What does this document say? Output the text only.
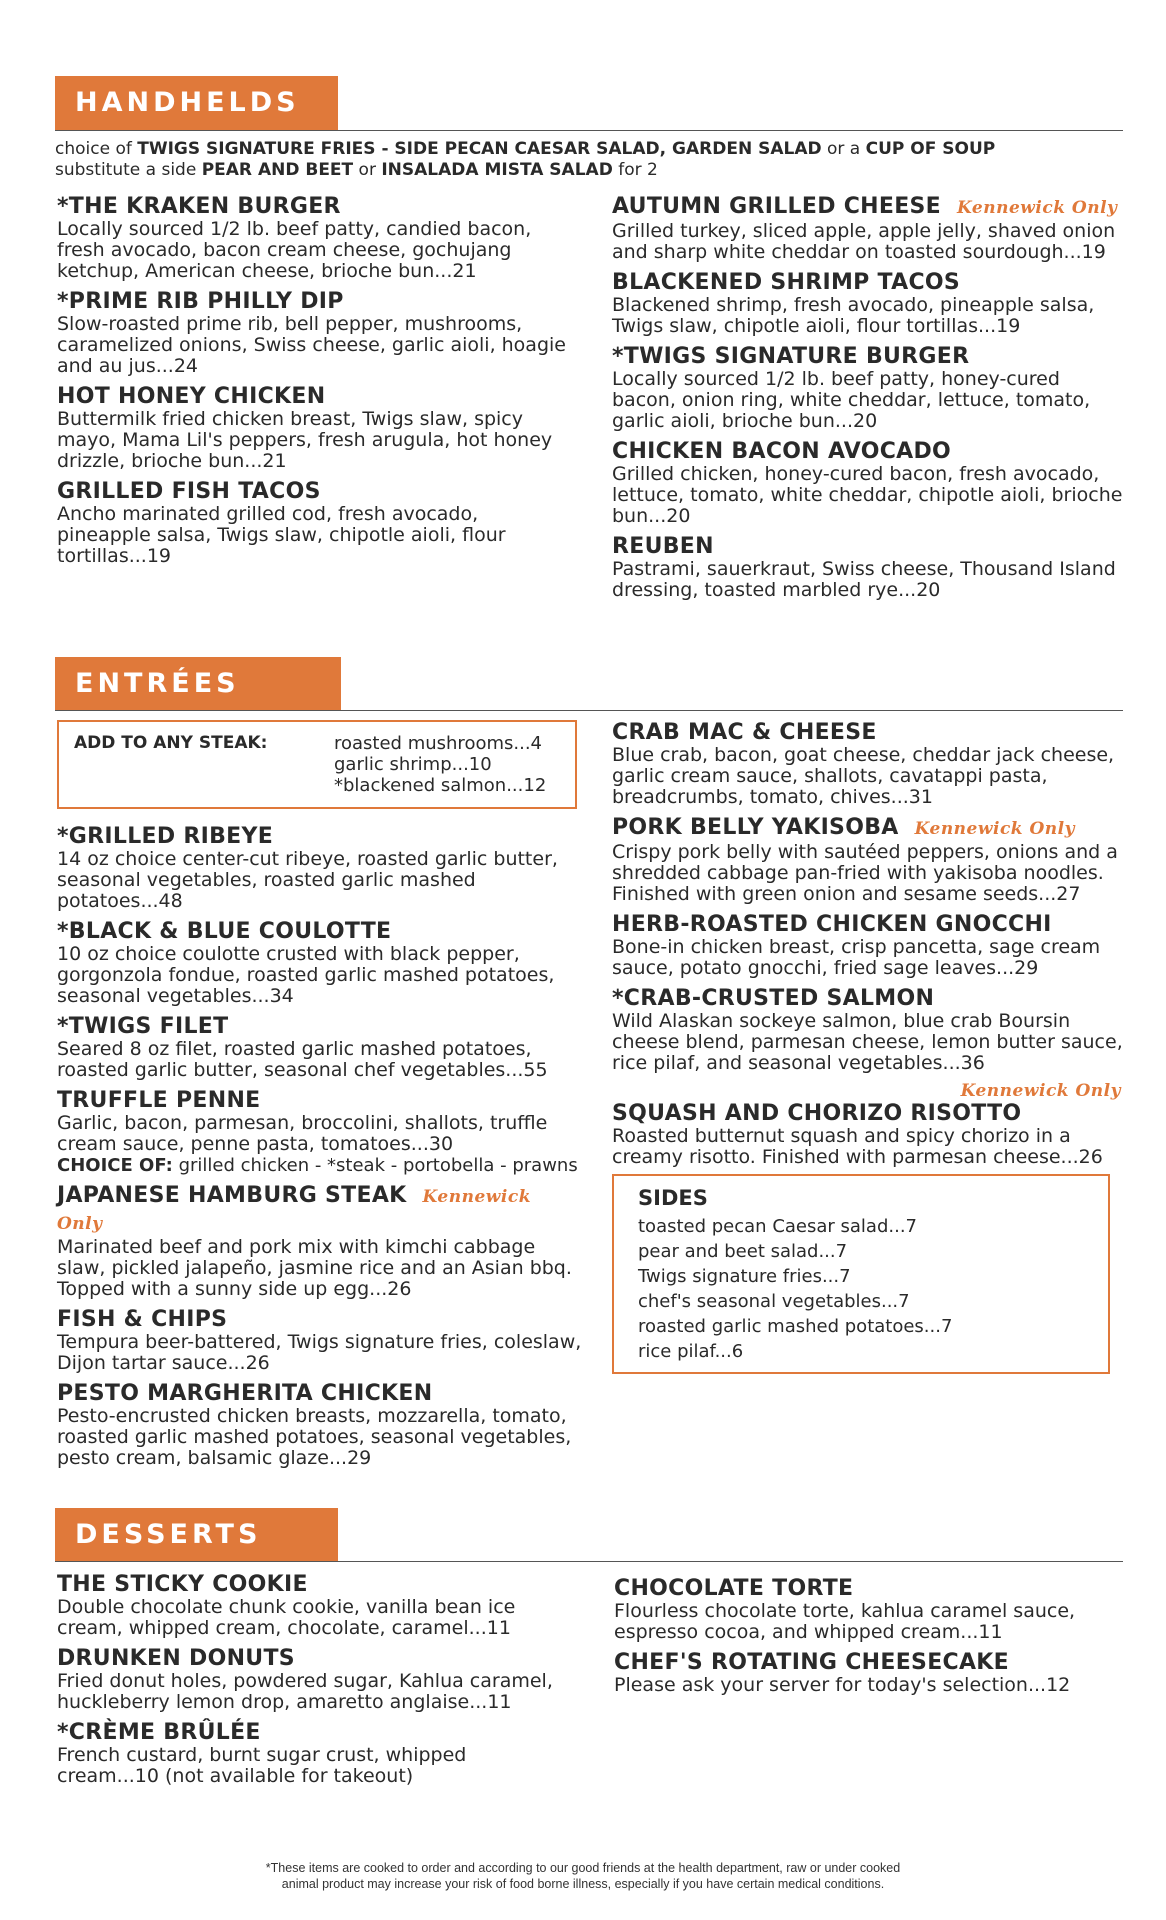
HANDHELDS
choice of TWIGS SIGNATURE FRIES - SIDE PECAN CAESAR SALAD, GARDEN SALAD or a CUP OF SOUP
substitute a side PEAR AND BEET or INSALADA MISTA SALAD for 2
*THE KRAKEN BURGER
Locally sourced 1/2 lb. beef patty, candied bacon, fresh avocado, bacon cream cheese, gochujang ketchup, American cheese, brioche bun...21
*PRIME RIB PHILLY DIP
Slow-roasted prime rib, bell pepper, mushrooms, caramelized onions, Swiss cheese, garlic aioli, hoagie and au jus...24
HOT HONEY CHICKEN
Buttermilk fried chicken breast, Twigs slaw, spicy mayo, Mama Lil's peppers, fresh arugula, hot honey drizzle, brioche bun...21
GRILLED FISH TACOS
Ancho marinated grilled cod, fresh avocado, pineapple salsa, Twigs slaw, chipotle aioli, flour tortillas...19
AUTUMN GRILLED CHEESE Kennewick Only
Grilled turkey, sliced apple, apple jelly, shaved onion and sharp white cheddar on toasted sourdough...19
BLACKENED SHRIMP TACOS
Blackened shrimp, fresh avocado, pineapple salsa, Twigs slaw, chipotle aioli, flour tortillas...19
*TWIGS SIGNATURE BURGER
Locally sourced 1/2 lb. beef patty, honey-cured bacon, onion ring, white cheddar, lettuce, tomato, garlic aioli, brioche bun...20
CHICKEN BACON AVOCADO
Grilled chicken, honey-cured bacon, fresh avocado, lettuce, tomato, white cheddar, chipotle aioli, brioche bun...20
REUBEN
Pastrami, sauerkraut, Swiss cheese, Thousand Island dressing, toasted marbled rye...20
ENTRÉES
ADD TO ANY STEAK:	roasted mushrooms...4
garlic shrimp...10
*blackened salmon...12
*GRILLED RIBEYE
14 oz choice center-cut ribeye, roasted garlic butter, seasonal vegetables, roasted garlic mashed potatoes...48
*BLACK & BLUE COULOTTE
10 oz choice coulotte crusted with black pepper, gorgonzola fondue, roasted garlic mashed potatoes, seasonal vegetables...34
*TWIGS FILET
Seared 8 oz filet, roasted garlic mashed potatoes, roasted garlic butter, seasonal chef vegetables...55
TRUFFLE PENNE
Garlic, bacon, parmesan, broccolini, shallots, truffle cream sauce, penne pasta, tomatoes...30
CHOICE OF: grilled chicken - *steak - portobella - prawns
JAPANESE HAMBURG STEAK Kennewick Only
Marinated beef and pork mix with kimchi cabbage slaw, pickled jalapeño, jasmine rice and an Asian bbq. Topped with a sunny side up egg...26
FISH & CHIPS
Tempura beer-battered, Twigs signature fries, coleslaw, Dijon tartar sauce...26
PESTO MARGHERITA CHICKEN
Pesto-encrusted chicken breasts, mozzarella, tomato, roasted garlic mashed potatoes, seasonal vegetables, pesto cream, balsamic glaze...29
CRAB MAC & CHEESE
Blue crab, bacon, goat cheese, cheddar jack cheese, garlic cream sauce, shallots, cavatappi pasta, breadcrumbs, tomato, chives...31
PORK BELLY YAKISOBA Kennewick Only
Crispy pork belly with sautéed peppers, onions and a shredded cabbage pan-fried with yakisoba noodles. Finished with green onion and sesame seeds...27
HERB-ROASTED CHICKEN GNOCCHI
Bone-in chicken breast, crisp pancetta, sage cream sauce, potato gnocchi, fried sage leaves...29
*CRAB-CRUSTED SALMON
Wild Alaskan sockeye salmon, blue crab Boursin cheese blend, parmesan cheese, lemon butter sauce, rice pilaf, and seasonal vegetables...36
Kennewick Only
SQUASH AND CHORIZO RISOTTO
Roasted butternut squash and spicy chorizo in a creamy risotto. Finished with parmesan cheese...26
SIDES
toasted pecan Caesar salad...7
pear and beet salad...7
Twigs signature fries...7
chef's seasonal vegetables...7
roasted garlic mashed potatoes...7
rice pilaf...6
DESSERTS
THE STICKY COOKIE
Double chocolate chunk cookie, vanilla bean ice cream, whipped cream, chocolate, caramel...11
DRUNKEN DONUTS
Fried donut holes, powdered sugar, Kahlua caramel, huckleberry lemon drop, amaretto anglaise...11
*CRÈME BRÛLÉE
French custard, burnt sugar crust, whipped cream...10 (not available for takeout)
CHOCOLATE TORTE
Flourless chocolate torte, kahlua caramel sauce, espresso cocoa, and whipped cream...11
CHEF'S ROTATING CHEESECAKE
Please ask your server for today's selection...12
*These items are cooked to order and according to our good friends at the health department, raw or under cooked
animal product may increase your risk of food borne illness, especially if you have certain medical conditions.
